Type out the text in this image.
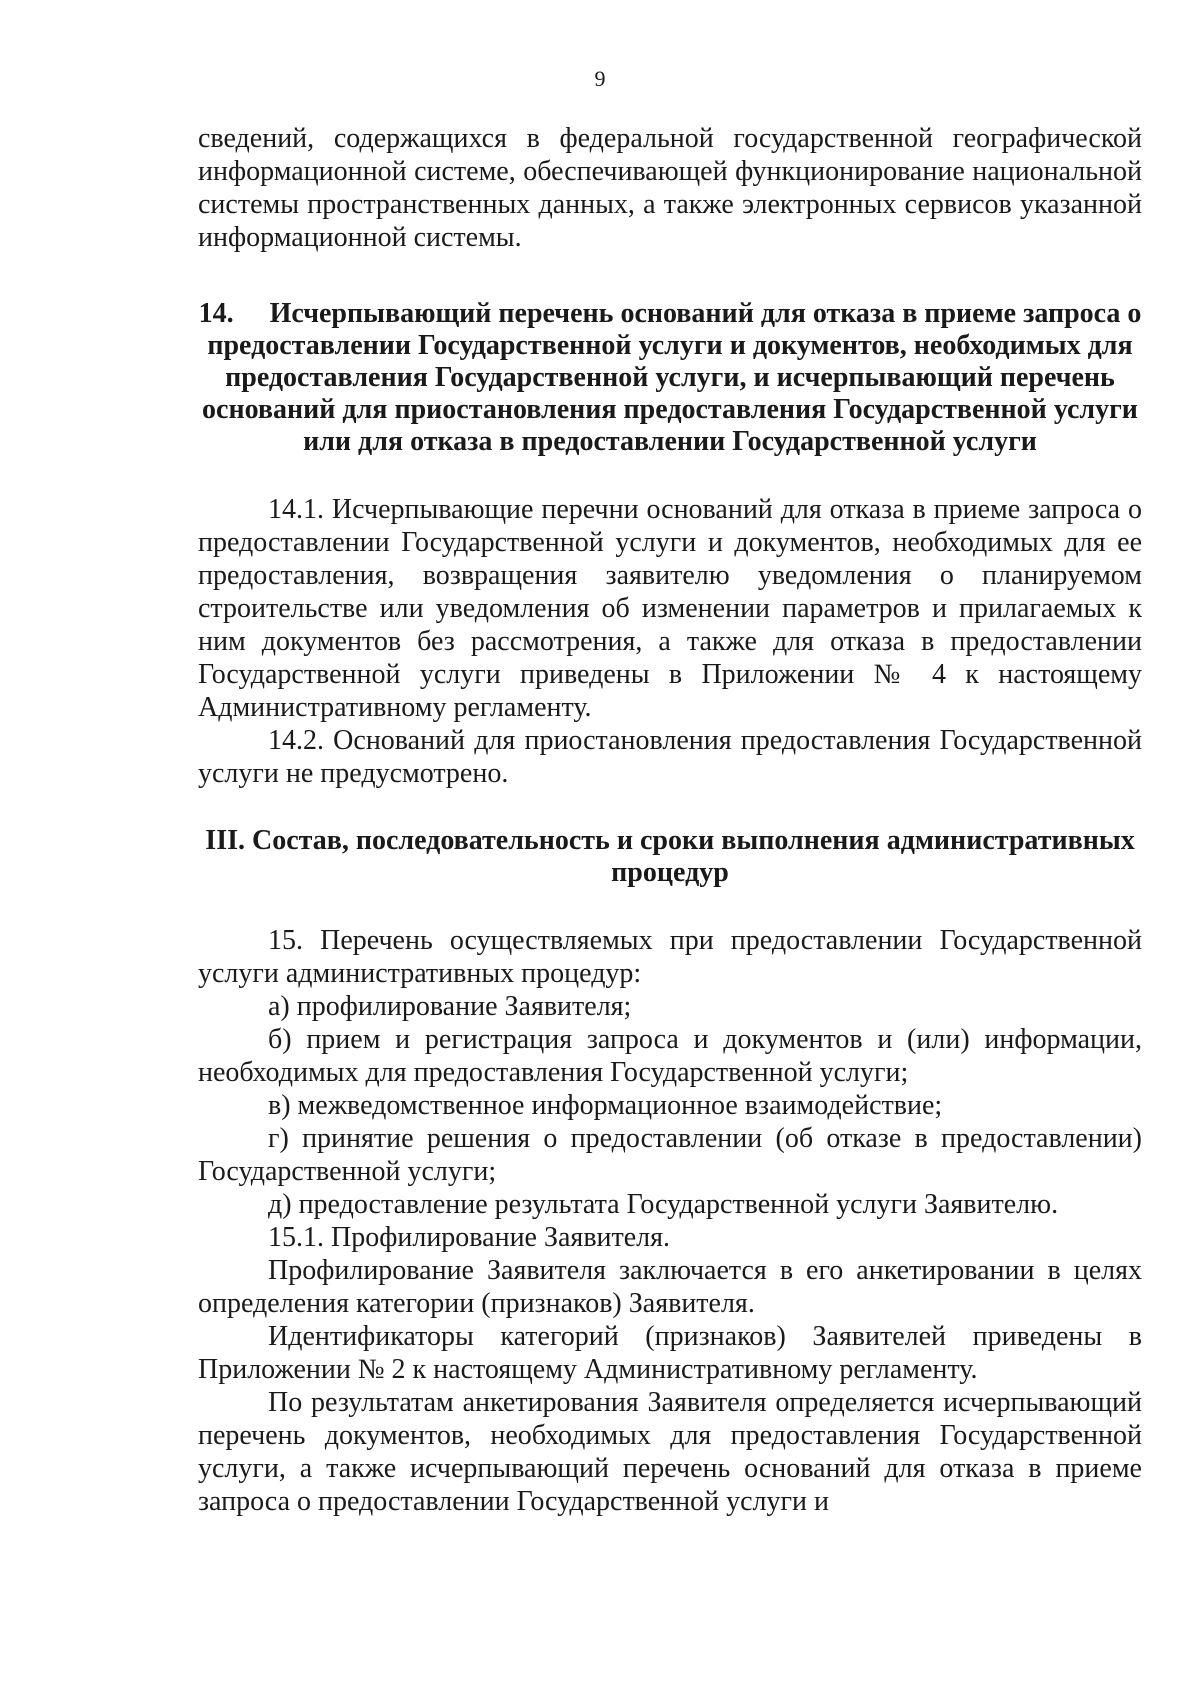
9

сведений, содержащихся в федеральной государственной географической информационной системе, обеспечивающей функционирование национальной системы пространственных данных, а также электронных сервисов указанной информационной системы.

14. Исчерпывающий перечень оснований для отказа в приеме запроса о предоставлении Государственной услуги и документов, необходимых для предоставления Государственной услуги, и исчерпывающий перечень оснований для приостановления предоставления Государственной услуги или для отказа в предоставлении Государственной услуги

14.1. Исчерпывающие перечни оснований для отказа в приеме запроса о предоставлении Государственной услуги и документов, необходимых для ее предоставления, возвращения заявителю уведомления о планируемом строительстве или уведомления об изменении параметров и прилагаемых к ним документов без рассмотрения, а также для отказа в предоставлении Государственной услуги приведены в Приложении № 4 к настоящему Административному регламенту.

14.2. Оснований для приостановления предоставления Государственной услуги не предусмотрено.

III. Состав, последовательность и сроки выполнения административных процедур

15. Перечень осуществляемых при предоставлении Государственной услуги административных процедур:

а) профилирование Заявителя;

б) прием и регистрация запроса и документов и (или) информации, необходимых для предоставления Государственной услуги;

в) межведомственное информационное взаимодействие;

г) принятие решения о предоставлении (об отказе в предоставлении) Государственной услуги;

д) предоставление результата Государственной услуги Заявителю.

15.1. Профилирование Заявителя.

Профилирование Заявителя заключается в его анкетировании в целях определения категории (признаков) Заявителя.

Идентификаторы категорий (признаков) Заявителей приведены в Приложении № 2 к настоящему Административному регламенту.

По результатам анкетирования Заявителя определяется исчерпывающий перечень документов, необходимых для предоставления Государственной услуги, а также исчерпывающий перечень оснований для отказа в приеме запроса о предоставлении Государственной услуги и
